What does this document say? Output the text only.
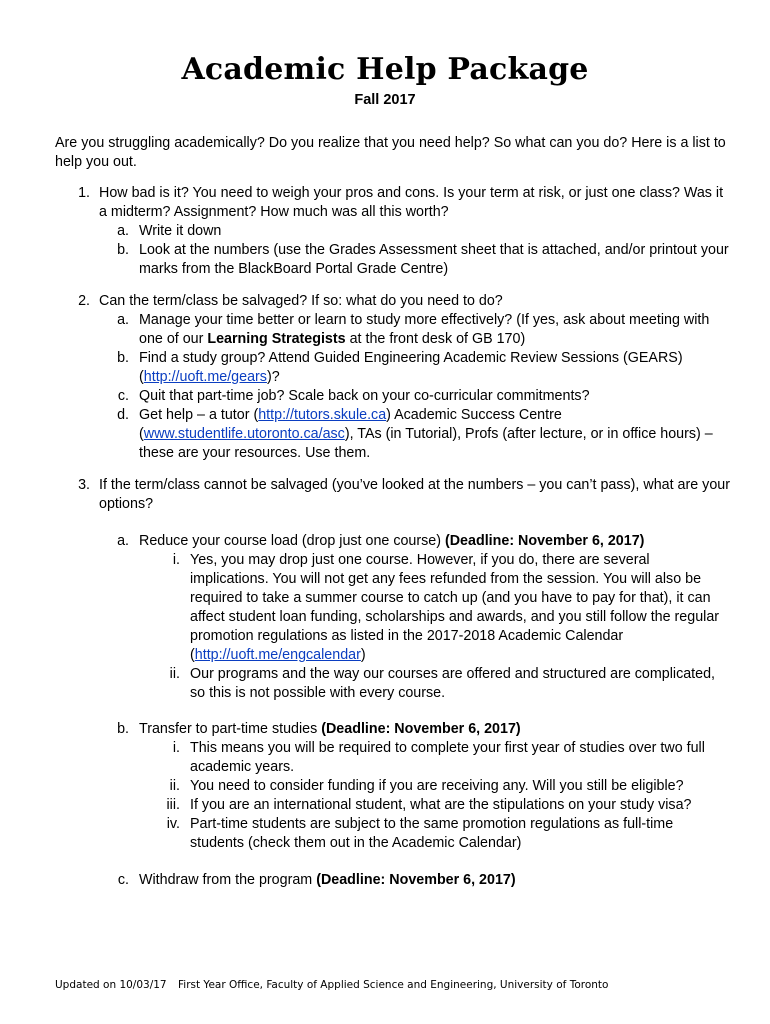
Academic Help Package
Fall 2017
Are you struggling academically? Do you realize that you need help? So what can you do? Here is a list to
help you out.
1. How bad is it? You need to weigh your pros and cons. Is your term at risk, or just one class? Was it
a midterm? Assignment? How much was all this worth?
a. Write it down
b. Look at the numbers (use the Grades Assessment sheet that is attached, and/or printout your
marks from the BlackBoard Portal Grade Centre)
2. Can the term/class be salvaged? If so: what do you need to do?
a. Manage your time better or learn to study more effectively? (If yes, ask about meeting with
one of our Learning Strategists at the front desk of GB 170)
b. Find a study group? Attend Guided Engineering Academic Review Sessions (GEARS)
(http://uoft.me/gears)?
c. Quit that part-time job? Scale back on your co-curricular commitments?
d. Get help – a tutor (http://tutors.skule.ca) Academic Success Centre
(www.studentlife.utoronto.ca/asc), TAs (in Tutorial), Profs (after lecture, or in office hours) –
these are your resources. Use them.
3. If the term/class cannot be salvaged (you’ve looked at the numbers – you can’t pass), what are your
options?
a. Reduce your course load (drop just one course) (Deadline: November 6, 2017)
i. Yes, you may drop just one course. However, if you do, there are several
implications. You will not get any fees refunded from the session. You will also be
required to take a summer course to catch up (and you have to pay for that), it can
affect student loan funding, scholarships and awards, and you still follow the regular
promotion regulations as listed in the 2017-2018 Academic Calendar
(http://uoft.me/engcalendar)
ii. Our programs and the way our courses are offered and structured are complicated,
so this is not possible with every course.
b. Transfer to part-time studies (Deadline: November 6, 2017)
i. This means you will be required to complete your first year of studies over two full
academic years.
ii. You need to consider funding if you are receiving any. Will you still be eligible?
iii. If you are an international student, what are the stipulations on your study visa?
iv. Part-time students are subject to the same promotion regulations as full-time
students (check them out in the Academic Calendar)
c. Withdraw from the program (Deadline: November 6, 2017)
Updated on 10/03/17 First Year Office, Faculty of Applied Science and Engineering, University of Toronto
